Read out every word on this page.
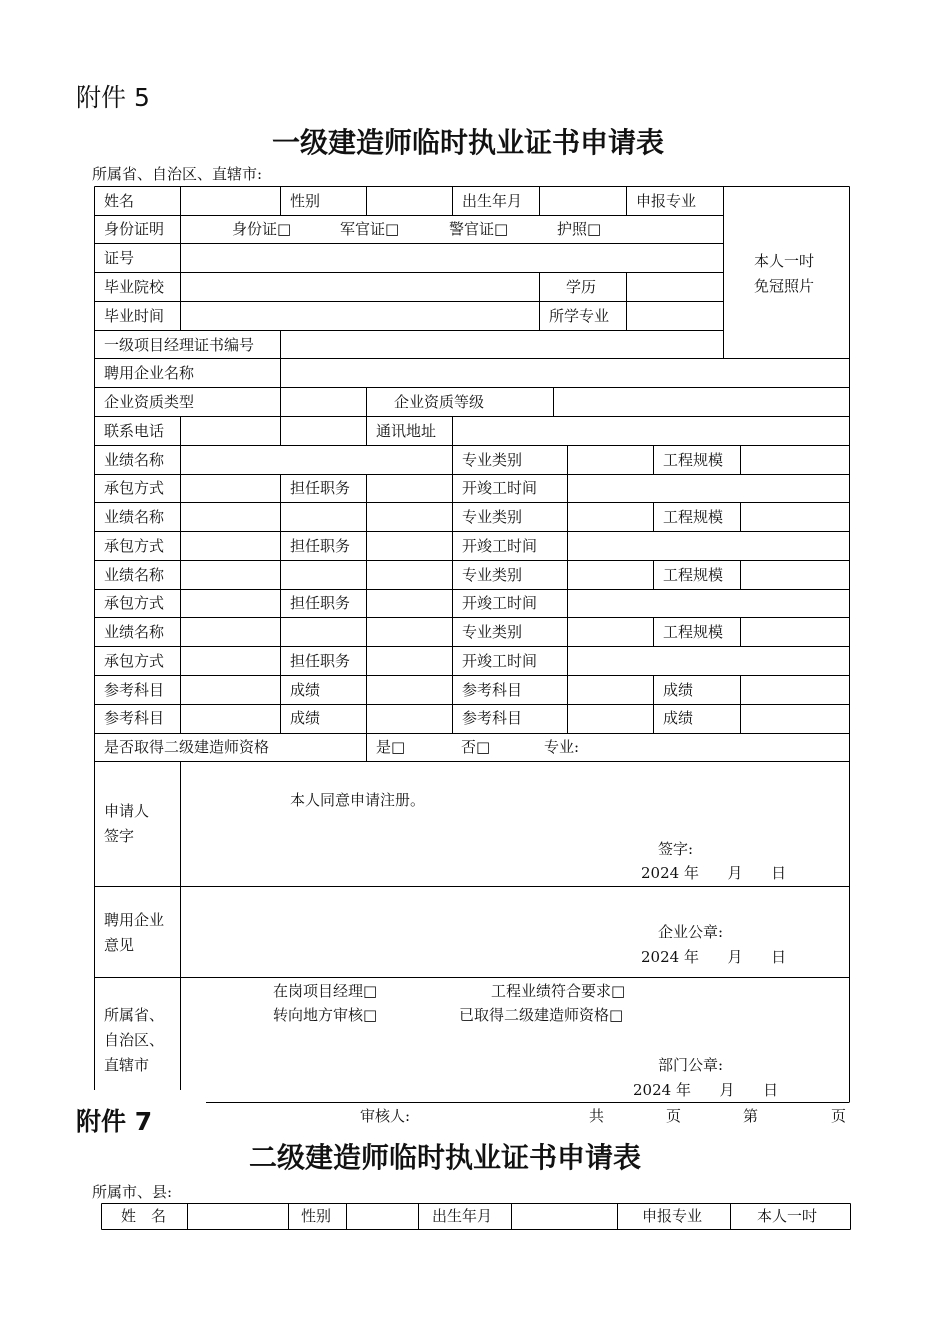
附件 5
一级建造师临时执业证书申请表
所属省、自治区、直辖市:
姓名	性别	出生年月	申报专业
本人一吋
免冠照片
身份证明	身份证□	军官证□	警官证□	护照□
证号
毕业院校	学历
毕业时间	所学专业
一级项目经理证书编号
聘用企业名称
企业资质类型	企业资质等级
联系电话	通讯地址
业绩名称	专业类别	工程规模
承包方式	担任职务	开竣工时间
业绩名称	专业类别	工程规模
承包方式	担任职务	开竣工时间
业绩名称	专业类别	工程规模
承包方式	担任职务	开竣工时间
业绩名称	专业类别	工程规模
承包方式	担任职务	开竣工时间
参考科目	成绩	参考科目	成绩
参考科目	成绩	参考科目	成绩
是否取得二级建造师资格	是□	否□	专业:
申请人
签字
本人同意申请注册。
签字:
2024 年      月      日
聘用企业
意见
企业公章:
2024 年      月      日
所属省、
自治区、
直辖市
在岗项目经理□	工程业绩符合要求□
转向地方审核□	已取得二级建造师资格□
部门公章:
2024 年      月      日
审核人:	共	页	第	页
附件 7
二级建造师临时执业证书申请表
所属市、县:
姓　名	性别	出生年月	申报专业	本人一吋
